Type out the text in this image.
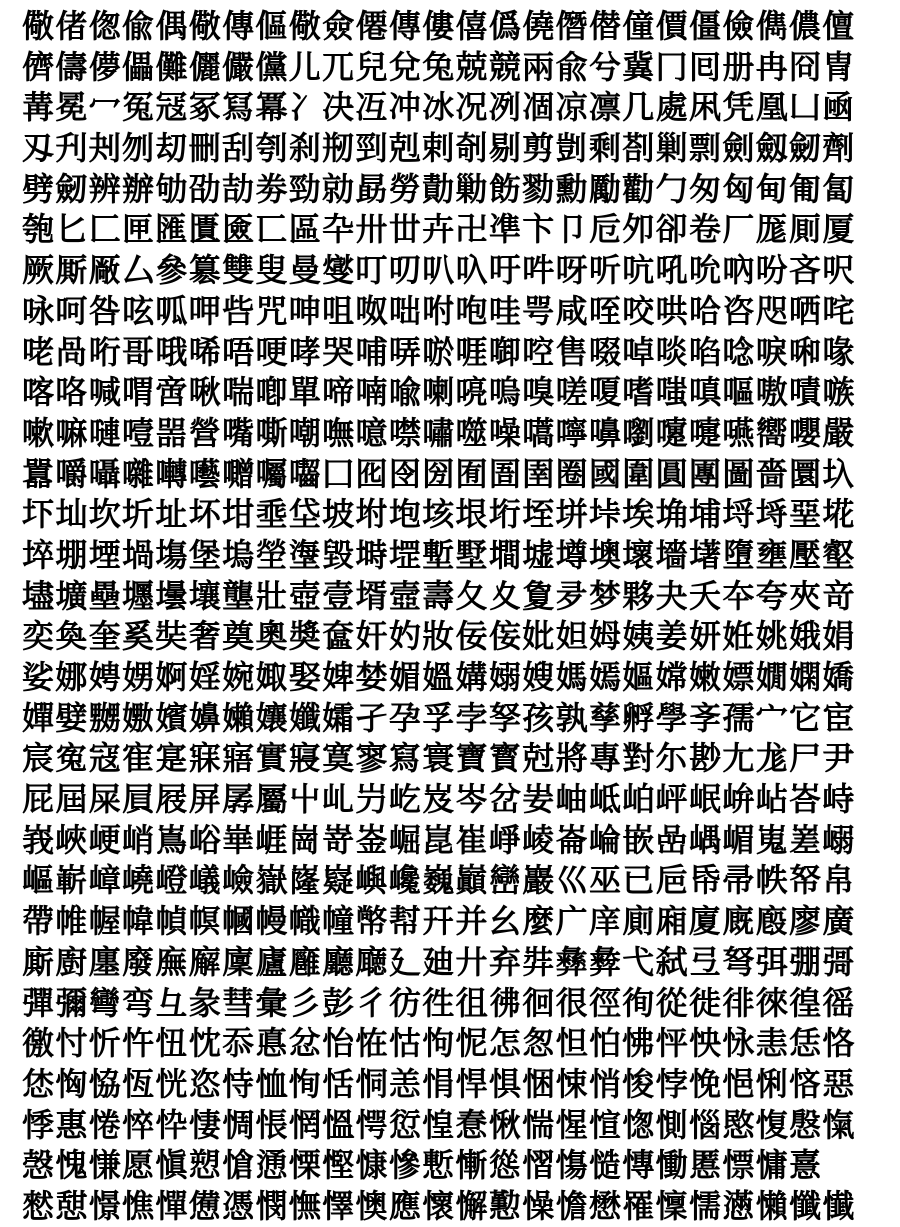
儆偖偬偸偶儆傳傴儆僉僊傳僂僖僞僥僭僣僮價僵儉儁儂儃
儕儔儚儡儺儷儼儻儿兀兒兌兔兢競兩兪兮冀冂囘册冉冏冑
冓冕冖冤冦冢冩冪冫决冱冲冰况冽凅凉凛几處凩凭凰凵凾
刄刋刔刎刧刪刮刳刹剏剄剋剌剞剔剪剴剩剳剿剽劍劔劒劑
劈劒辨辦劬劭劼劵勁勍勗勞勣勦飭勠勳勵勸勹匆匈甸匍匐
匏匕匚匣匯匱匳匸區卆卅丗卉卍凖卞卩卮夘卻卷厂厖厠厦
厥厮厰厶參簒雙叟曼燮叮叨叭叺吁吽呀听吭吼吮吶吩吝呎
咏呵咎呟呱呷呰咒呻咀呶咄咐咆哇咢咸咥咬哄哈咨咫哂咤
咾咼哘哥哦唏唔哽哮哭哺哢唹啀啣啌售啜啅啖啗唸唳啝喙
喀咯喊喟啻啾喘喞單啼喃喩喇喨嗚嗅嗟嗄嗜嗤嗔嘔嗷嘖嗾
嗽嘛嗹噎噐營嘴嘶嘲嘸噫噤嘯噬噪嚆嚀嚊嚠嚔嚏嚥嚮嚶嚴
囂嚼囁囃囀囈囎囑囓囗囮囹圀囿圄圉圈國圍圓團圖嗇圜圦
圷圸坎圻址坏坩埀垈坡坿垉垓垠垳垤垪垰埃埆埔埒埓堊埖
埣堋堙堝塲堡塢塋塰毀塒堽塹墅墹墟墫墺壞墻墸墮壅壓壑
壗壙壘壥壜壤壟壯壺壹壻壼壽夂夊夐夛梦夥夬夭夲夸夾竒
奕奐奎奚奘奢奠奧奬奩奸妁妝佞侫妣妲姆姨姜妍姙姚娥娟
娑娜娉娚婀婬婉娵娶婢婪媚媼媾嫋嫂媽嫣嫗嫦嫩嫖嫺嫻嬌
嬋嬖嬲嫐嬪嬶嬾孃孅孀孑孕孚孛孥孩孰孳孵學斈孺宀它宦
宸寃寇寉寔寐寤實寢寞寥寫寰寶寳尅將專對尓尠尢尨尸尹
屁屆屎屓屐屏孱屬屮乢屶屹岌岑岔妛岫岻岶岼岷峅岾峇峙
峩峽峺峭嶌峪崋崕崗嵜崟崛崑崔崢崚崙崘嵌嵒嵎嵋嵬嵳嵶
嶇嶄嶂嶢嶝嶬嶮嶽嶐嶷嶼巉巍巓巒巖巛巫已巵帋帚帙帑帛
帶帷幄幃幀幎幗幔幟幢幤幇幵并幺麼广庠廁廂廈廐廏廖廣
廝廚廛廢廡廨廩廬廱廳廰廴廸廾弃弉彝彜弋弑弖弩弭弸彁
彈彌彎弯彑彖彗彙彡彭彳彷徃徂彿徊很徑徇從徙徘徠徨徭
徼忖忻忤忸忱忝悳忿怡恠怙怐怩怎怱怛怕怫怦怏怺恚恁恪
恷恟恊恆恍恣恃恤恂恬恫恙悁悍惧悃悚悄悛悖悗悒悧悋惡
悸惠惓悴忰悽惆悵惘慍愕愆惶惷愀惴惺愃愡惻惱愍愎慇愾
愨愧慊愿愼愬愴慂慄慳慷慘慙慚慫慴慯慥慱慟慝慓慵憙
憖憇憬憔憚憊憑憫憮懌懊應懷懈懃懆憺懋罹懍懦懣懶懺懴
